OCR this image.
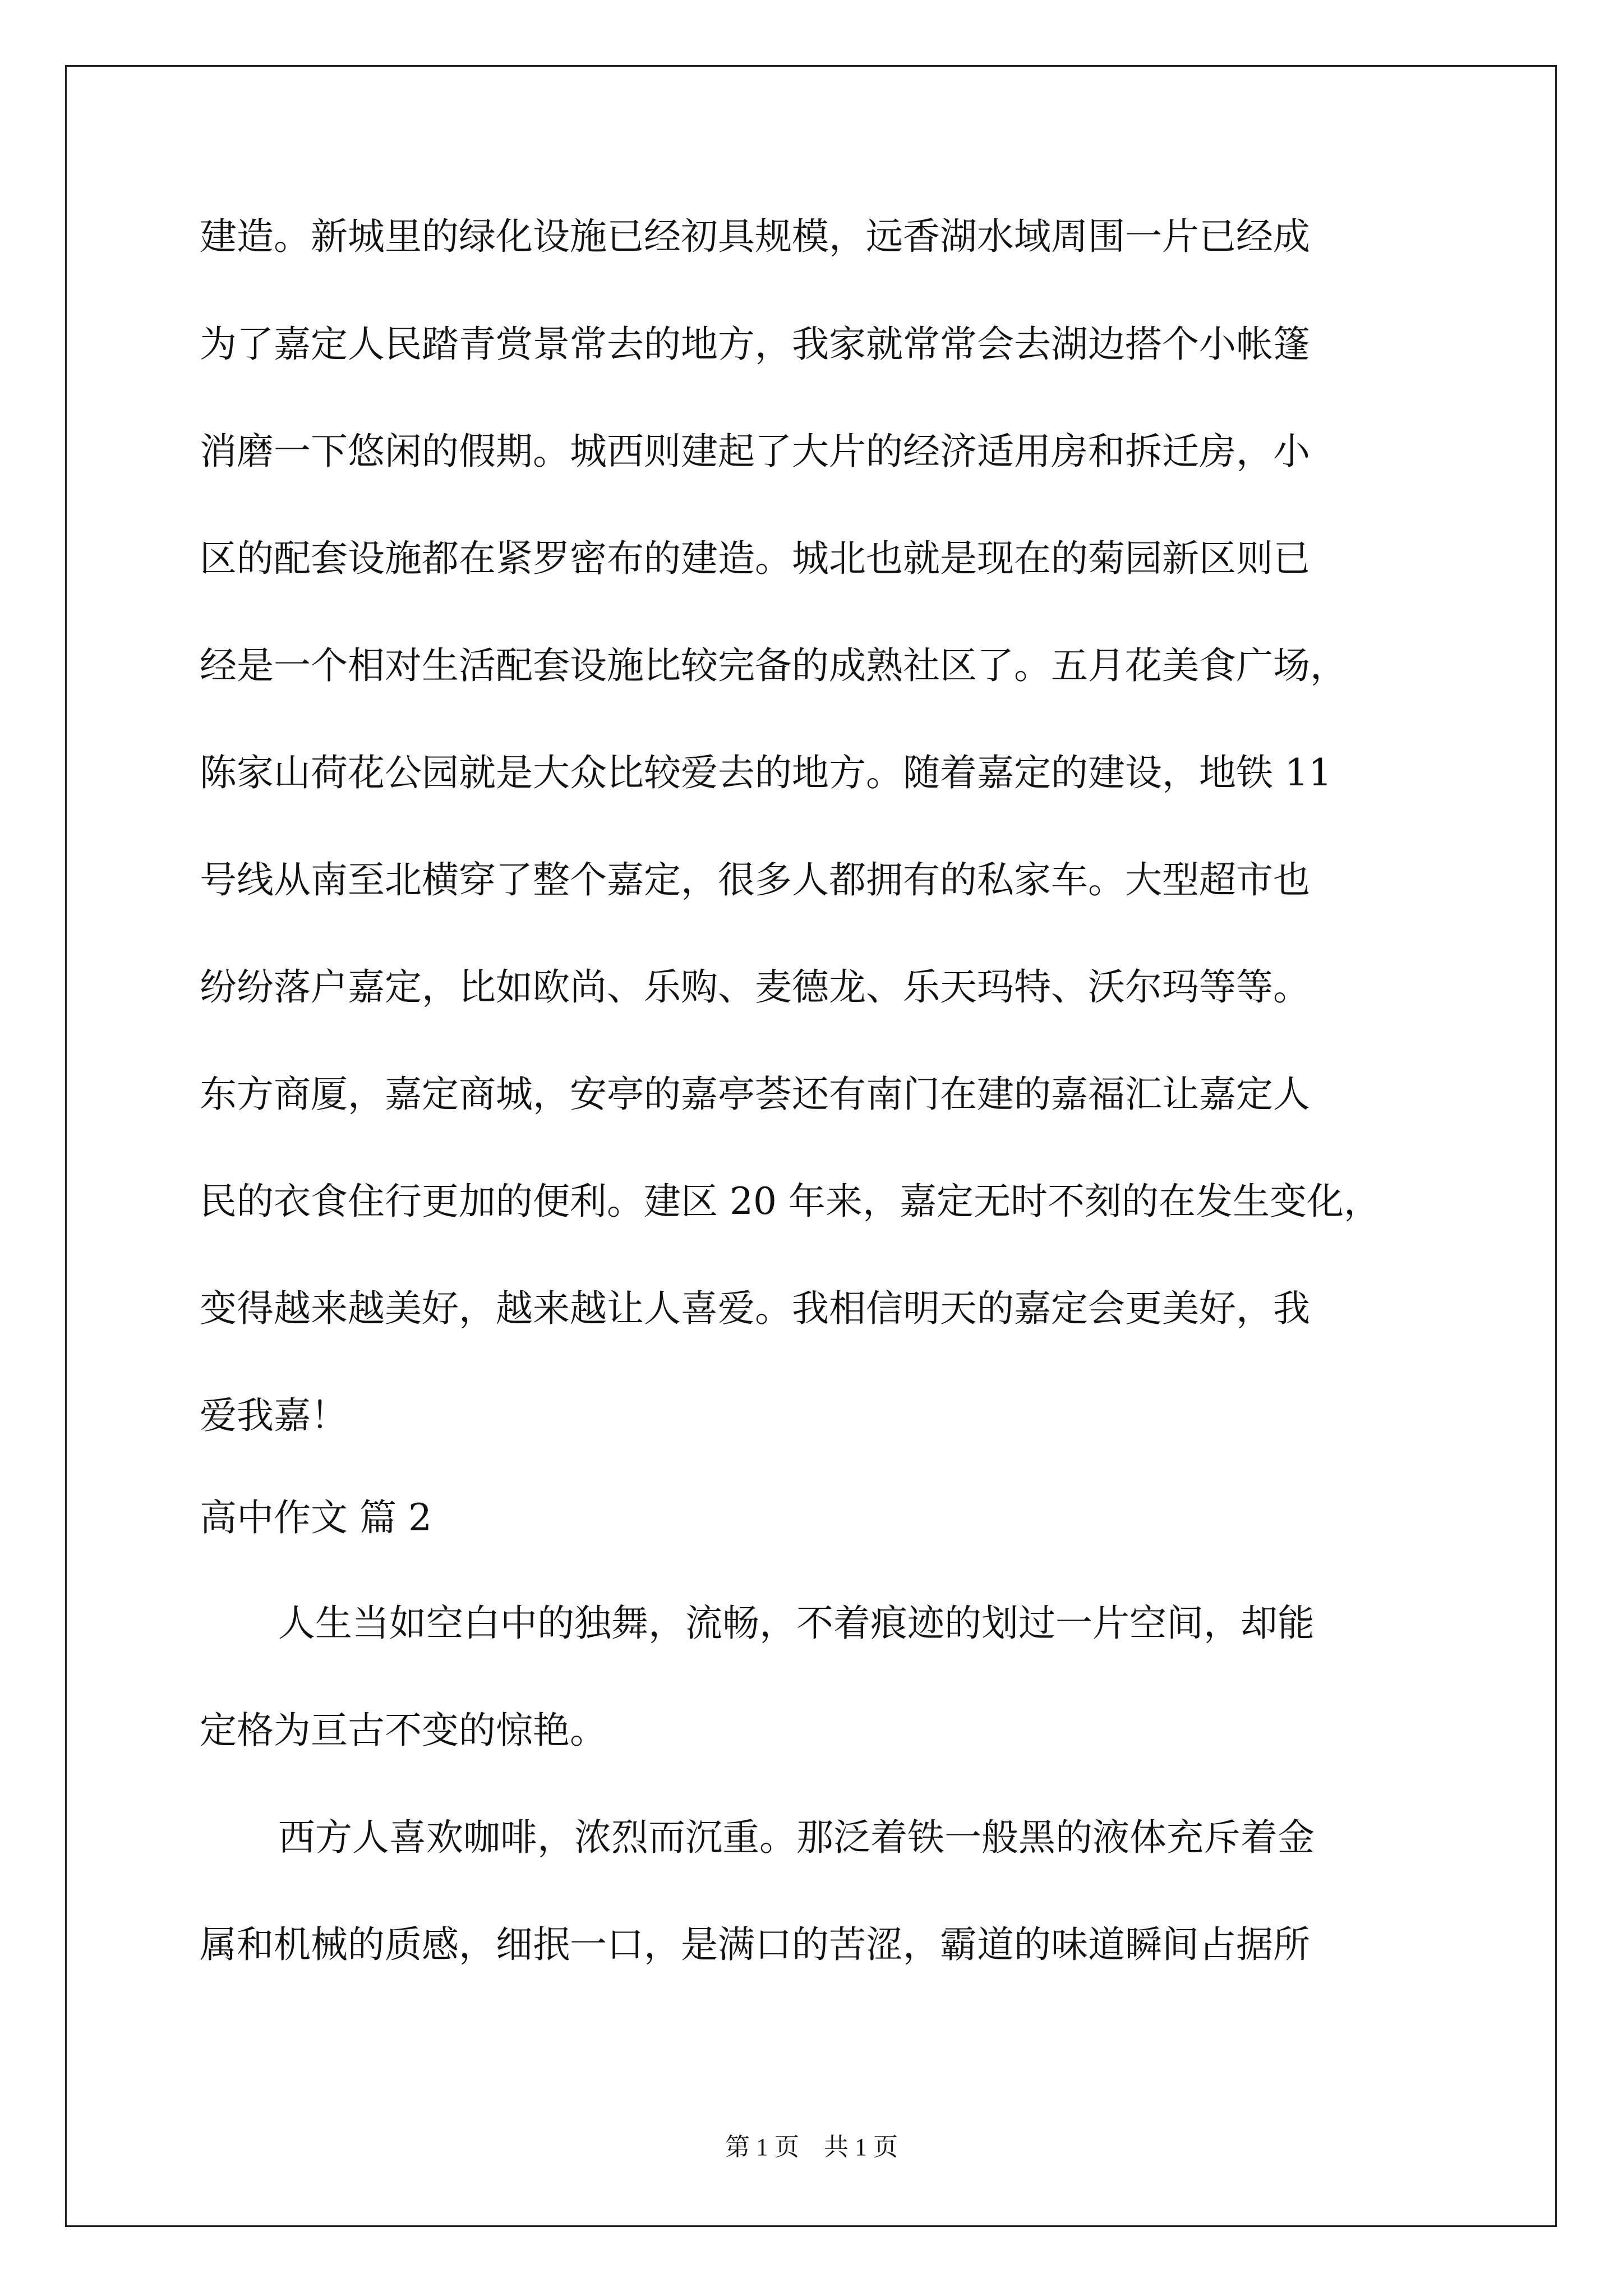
建造。新城里的绿化设施已经初具规模，远香湖水域周围一片已经成
为了嘉定人民踏青赏景常去的地方，我家就常常会去湖边搭个小帐篷
消磨一下悠闲的假期。城西则建起了大片的经济适用房和拆迁房，小
区的配套设施都在紧罗密布的建造。城北也就是现在的菊园新区则已
经是一个相对生活配套设施比较完备的成熟社区了。五月花美食广场，
陈家山荷花公园就是大众比较爱去的地方。随着嘉定的建设，地铁 11
号线从南至北横穿了整个嘉定，很多人都拥有的私家车。大型超市也
纷纷落户嘉定，比如欧尚、乐购、麦德龙、乐天玛特、沃尔玛等等。
东方商厦，嘉定商城，安亭的嘉亭荟还有南门在建的嘉福汇让嘉定人
民的衣食住行更加的便利。建区 20 年来，嘉定无时不刻的在发生变化，
变得越来越美好，越来越让人喜爱。我相信明天的嘉定会更美好，我
爱我嘉！
高中作文 篇 2
人生当如空白中的独舞，流畅，不着痕迹的划过一片空间，却能
定格为亘古不变的惊艳。
西方人喜欢咖啡，浓烈而沉重。那泛着铁一般黑的液体充斥着金
属和机械的质感，细抿一口，是满口的苦涩，霸道的味道瞬间占据所
第 1 页　共 1 页
